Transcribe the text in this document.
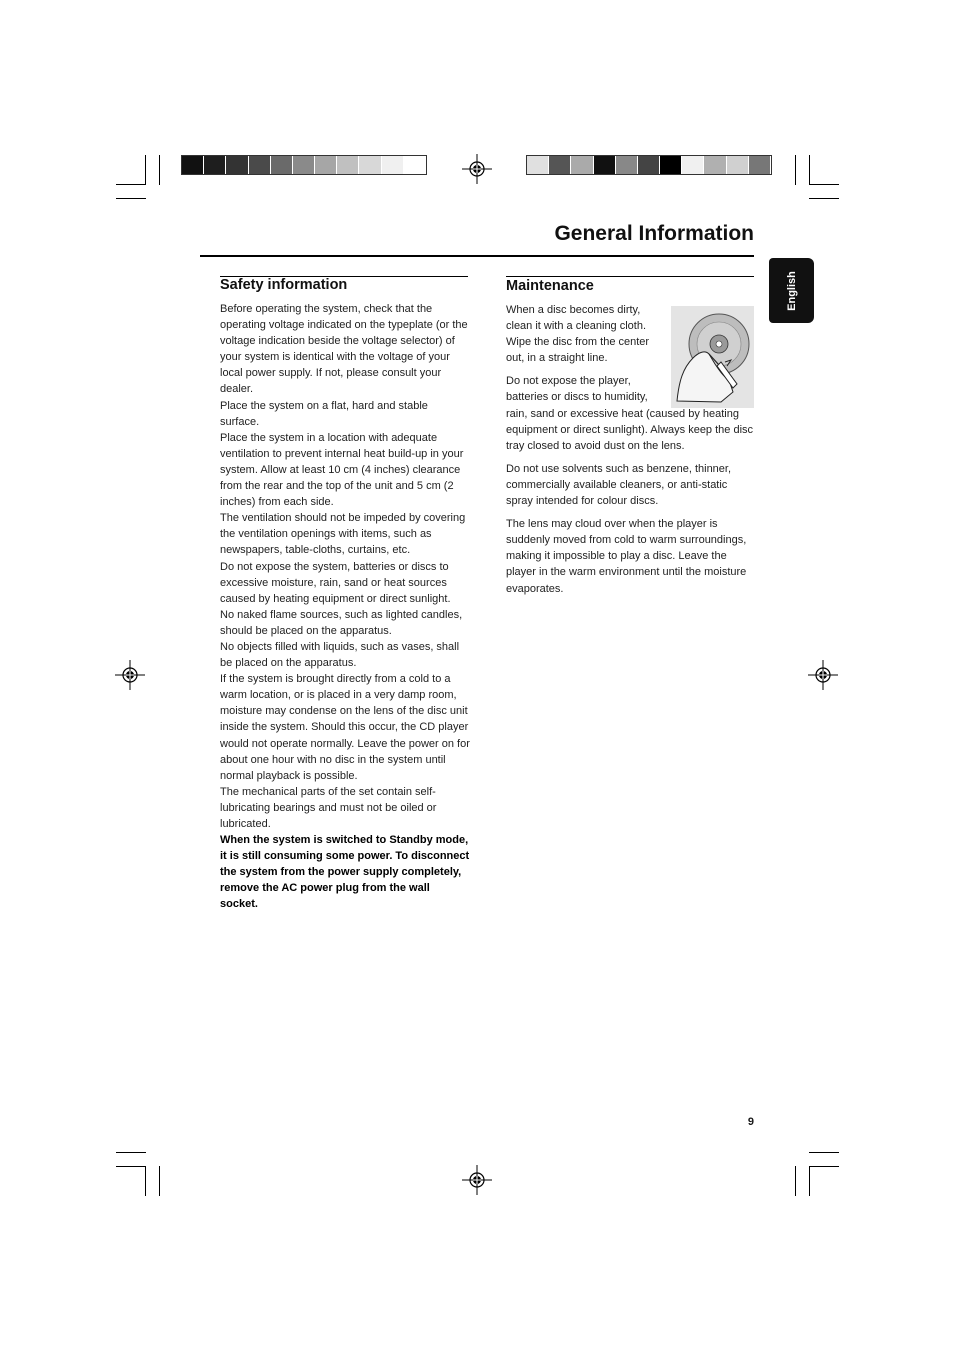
General Information
English
Safety information

Before operating the system, check that the operating voltage indicated on the typeplate (or the voltage indication beside the voltage selector) of your system is identical with the voltage of your local power supply. If not, please consult your dealer.

Place the system on a flat, hard and stable surface.

Place the system in a location with adequate ventilation to prevent internal heat build-up in your system. Allow at least 10 cm (4 inches) clearance from the rear and the top of the unit and 5 cm (2 inches) from each side.

The ventilation should not be impeded by covering the ventilation openings with items, such as newspapers, table-cloths, curtains, etc.

Do not expose the system, batteries or discs to excessive moisture, rain, sand or heat sources caused by heating equipment or direct sunlight.

No naked flame sources, such as lighted candles, should be placed on the apparatus.

No objects filled with liquids, such as vases, shall be placed on the apparatus.

If the system is brought directly from a cold to a warm location, or is placed in a very damp room, moisture may condense on the lens of the disc unit inside the system. Should this occur, the CD player would not operate normally. Leave the power on for about one hour with no disc in the system until normal playback is possible.

The mechanical parts of the set contain self-lubricating bearings and must not be oiled or lubricated.

When the system is switched to Standby mode, it is still consuming some power. To disconnect the system from the power supply completely, remove the AC power plug from the wall socket.

Maintenance

When a disc becomes dirty, clean it with a cleaning cloth. Wipe the disc from the center out, in a straight line.

Do not expose the player, batteries or discs to humidity, rain, sand or excessive heat (caused by heating equipment or direct sunlight). Always keep the disc tray closed to avoid dust on the lens.

Do not use solvents such as benzene, thinner, commercially available cleaners, or anti-static spray intended for colour discs.

The lens may cloud over when the player is suddenly moved from cold to warm surroundings, making it impossible to play a disc. Leave the player in the warm environment until the moisture evaporates.

9
